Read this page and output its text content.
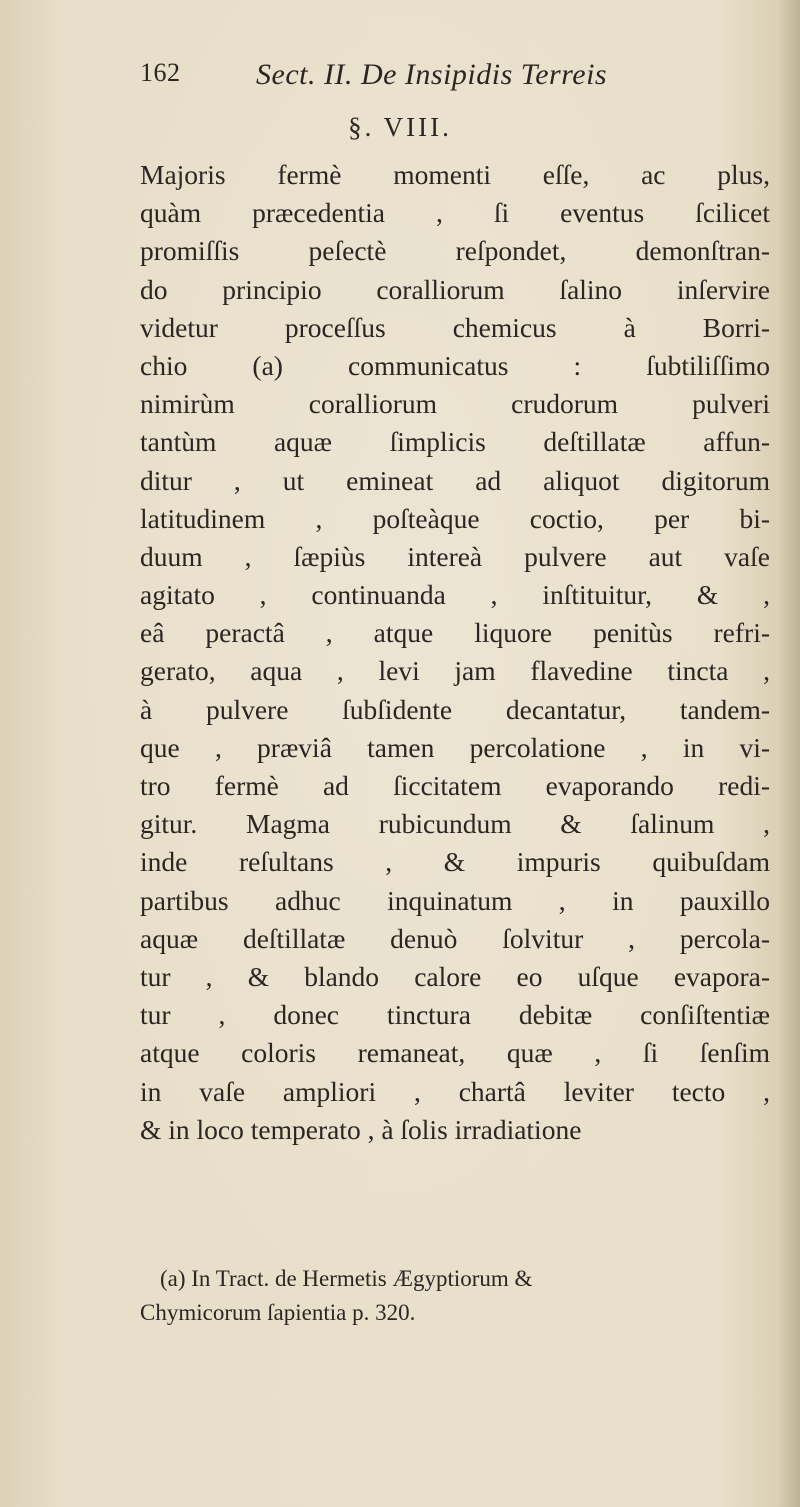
162	Sect. II. De Insipidis Terreis
§. VIII.
Majoris fermè momenti eſſe, ac plus,
quàm præcedentia , ſi eventus ſcilicet
promiſſis peſectè reſpondet, demonſtran-
do principio coralliorum ſalino inſervire
videtur proceſſus chemicus à Borri-
chio (a) communicatus : ſubtiliſſimo
nimirùm coralliorum crudorum pulveri
tantùm aquæ ſimplicis deſtillatæ affun-
ditur , ut emineat ad aliquot digitorum
latitudinem , poſteàque coctio, per bi-
duum , ſæpiùs intereà pulvere aut vaſe
agitato , continuanda , inſtituitur, & ,
eâ peractâ , atque liquore penitùs refri-
gerato, aqua , levi jam flavedine tincta ,
à pulvere ſubſidente decantatur, tandem-
que , præviâ tamen percolatione , in vi-
tro fermè ad ſiccitatem evaporando redi-
gitur. Magma rubicundum & ſalinum ,
inde reſultans , & impuris quibuſdam
partibus adhuc inquinatum , in pauxillo
aquæ deſtillatæ denuò ſolvitur , percola-
tur , & blando calore eo uſque evapora-
tur , donec tinctura debitæ conſiſtentiæ
atque coloris remaneat, quæ , ſi ſenſim
in vaſe ampliori , chartâ leviter tecto ,
& in loco temperato , à ſolis irradiatione
(a) In Tract. de Hermetis Ægyptiorum &
Chymicorum ſapientia p. 320.
